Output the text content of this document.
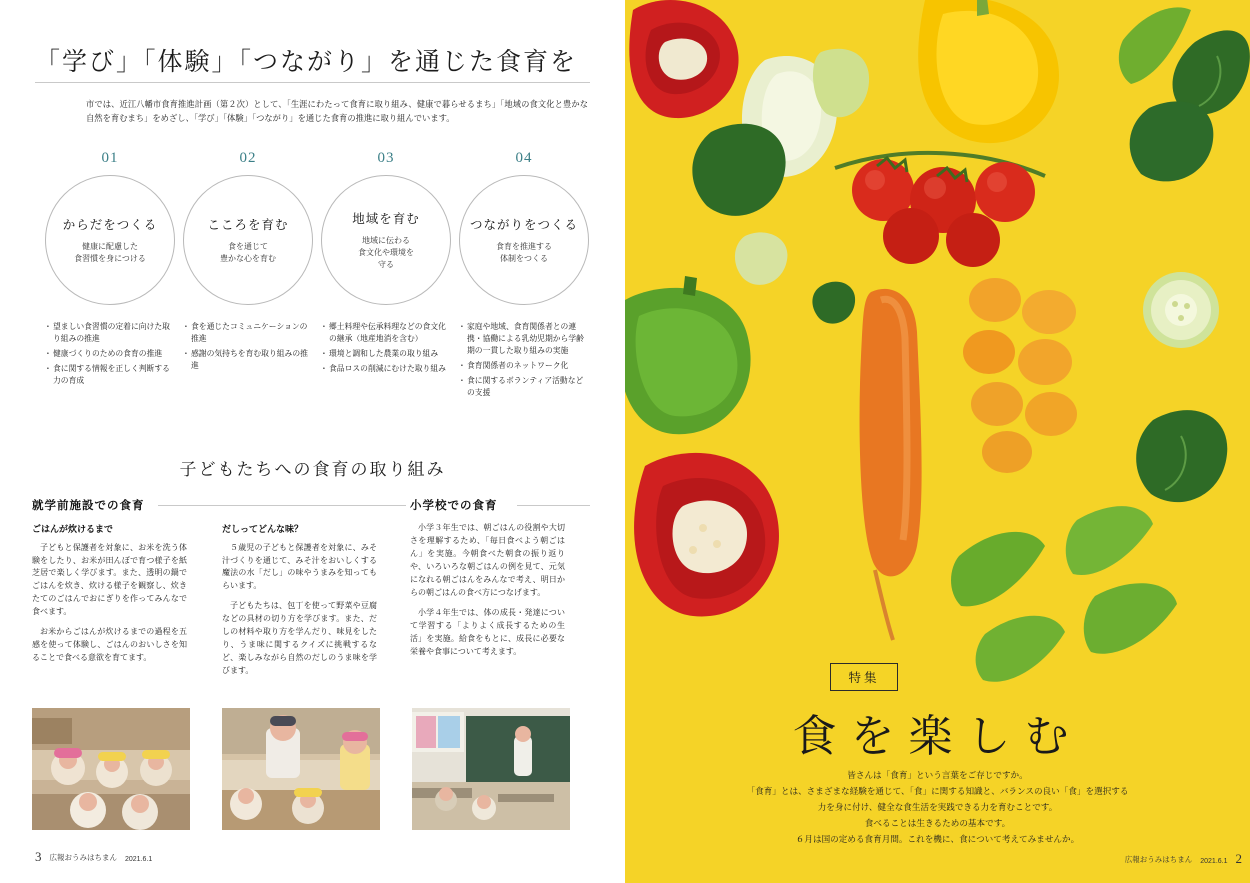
「学び」「体験」「つながり」を通じた食育を
市では、近江八幡市食育推進計画（第２次）として、「生涯にわたって食育に取り組み、健康で暮らせるまち」「地域の食文化と豊かな自然を育むまち」をめざし、「学び」「体験」「つながり」を通じた食育の推進に取り組んでいます。
01
からだをつくる
健康に配慮した
食習慣を身につける
・ 望ましい食習慣の定着に向けた取り組みの推進
・ 健康づくりのための食育の推進
・ 食に関する情報を正しく判断する力の育成
02
こころを育む
食を通じて
豊かな心を育む
・ 食を通じたコミュニケーションの推進
・ 感謝の気持ちを育む取り組みの推進
03
地域を育む
地域に伝わる
食文化や環境を
守る
・ 郷土料理や伝承料理などの食文化の継承（地産地消を含む）
・ 環境と調和した農業の取り組み
・ 食品ロスの削減にむけた取り組み
04
つながりをつくる
食育を推進する
体制をつくる
・ 家庭や地域、食育関係者との連携・協働による乳幼児期から学齢期の一貫した取り組みの実施
・ 食育関係者のネットワーク化
・ 食に関するボランティア活動などの支援
子どもたちへの食育の取り組み
就学前施設での食育	小学校での食育
ごはんが炊けるまで

子どもと保護者を対象に、お米を洗う体験をしたり、お米が田んぼで育つ様子を紙芝居で楽しく学びます。また、透明の鍋でごはんを炊き、炊ける様子を観察し、炊きたてのごはんでおにぎりを作ってみんなで食べます。

お米からごはんが炊けるまでの過程を五感を使って体験し、ごはんのおいしさを知ることで食べる意欲を育てます。

だしってどんな味？

５歳児の子どもと保護者を対象に、みそ汁づくりを通じて、みそ汁をおいしくする魔法の水「だし」の味やうまみを知ってもらいます。

子どもたちは、包丁を使って野菜や豆腐などの具材の切り方を学びます。また、だしの材料や取り方を学んだり、味見をしたり、うま味に関するクイズに挑戦するなど、楽しみながら自然のだしのうま味を学びます。

小学３年生では、朝ごはんの役割や大切さを理解するため、「毎日食べよう朝ごはん」を実施。今朝食べた朝食の振り返りや、いろいろな朝ごはんの例を見て、元気になれる朝ごはんをみんなで考え、明日からの朝ごはんの食べ方につなげます。

小学４年生では、体の成長・発達について学習する「よりよく成長するための生活」を実施。給食をもとに、成長に必要な栄養や食事について考えます。

3 広報おうみはちまん 2021.6.1
特集
食を楽しむ
皆さんは「食育」という言葉をご存じですか。
「食育」とは、さまざまな経験を通じて、「食」に関する知識と、バランスの良い「食」を選択する
力を身に付け、健全な食生活を実践できる力を育むことです。
食べることは生きるための基本です。
６月は国の定める食育月間。これを機に、食について考えてみませんか。
広報おうみはちまん 2021.6.1 2
